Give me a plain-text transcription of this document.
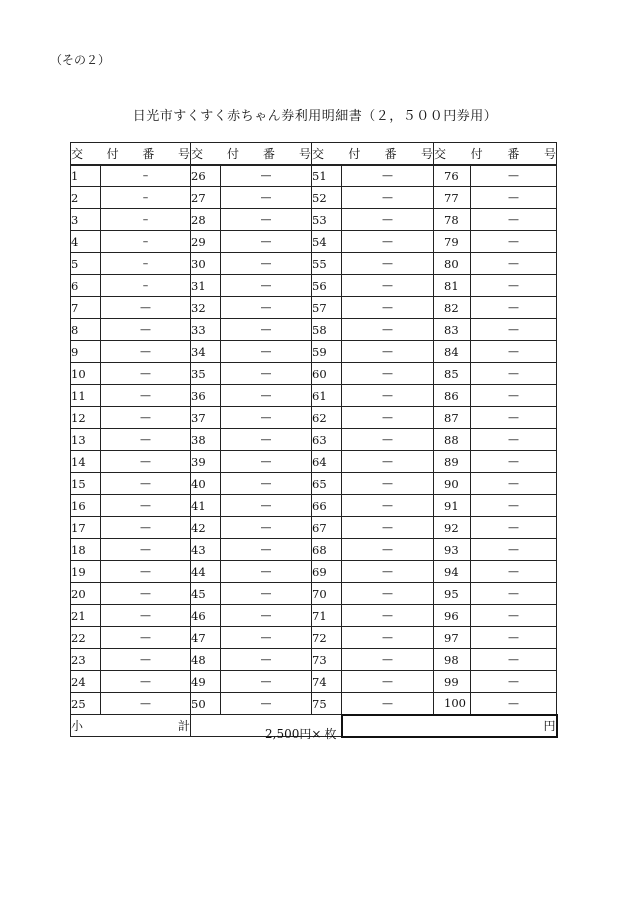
（その２）
日光市すくすく赤ちゃん券利用明細書（２，５００円券用）
交 付 番 号		交 付 番 号		交 付 番 号		交 付 番 号	

1	–	26	—	51	—	76	—
2	–	27	—	52	—	77	—
3	–	28	—	53	—	78	—
4	–	29	—	54	—	79	—
5	–	30	—	55	—	80	—
6	–	31	—	56	—	81	—
7	—	32	—	57	—	82	—
8	—	33	—	58	—	83	—
9	—	34	—	59	—	84	—
10	—	35	—	60	—	85	—
11	—	36	—	61	—	86	—
12	—	37	—	62	—	87	—
13	—	38	—	63	—	88	—
14	—	39	—	64	—	89	—
15	—	40	—	65	—	90	—
16	—	41	—	66	—	91	—
17	—	42	—	67	—	92	—
18	—	43	—	68	—	93	—
19	—	44	—	69	—	94	—
20	—	45	—	70	—	95	—
21	—	46	—	71	—	96	—
22	—	47	—	72	—	97	—
23	—	48	—	73	—	98	—
24	—	49	—	74	—	99	—
25	—	50	—	75	—	100	—

小 計		2,500円× 枚			円		
